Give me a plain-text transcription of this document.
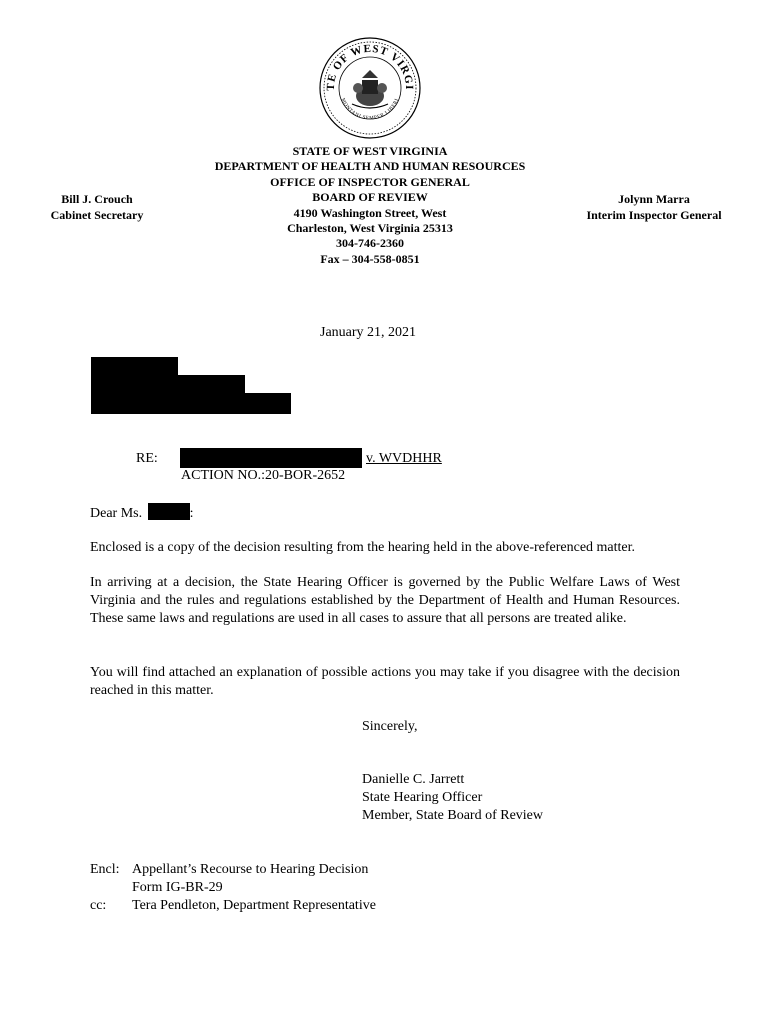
TE OF WEST VIRGI
MONTANI SEMPER LIBERI
STATE OF WEST VIRGINIA
DEPARTMENT OF HEALTH AND HUMAN RESOURCES
OFFICE OF INSPECTOR GENERAL
BOARD OF REVIEW
4190 Washington Street, West
Charleston, West Virginia 25313
304-746-2360
Fax – 304-558-0851
Bill J. Crouch
Cabinet Secretary
Jolynn Marra
Interim Inspector General
January 21, 2021
RE:	v. WVDHHR
ACTION NO.:20-BOR-2652
Dear Ms.	:
Enclosed is a copy of the decision resulting from the hearing held in the above-referenced matter.
In arriving at a decision, the State Hearing Officer is governed by the Public Welfare Laws of West Virginia and the rules and regulations established by the Department of Health and Human Resources. These same laws and regulations are used in all cases to assure that all persons are treated alike.
You will find attached an explanation of possible actions you may take if you disagree with the decision reached in this matter.
Sincerely,
Danielle C. Jarrett
State Hearing Officer
Member, State Board of Review
Encl: Appellant’s Recourse to Hearing Decision
Form IG-BR-29
cc:	Tera Pendleton, Department Representative
